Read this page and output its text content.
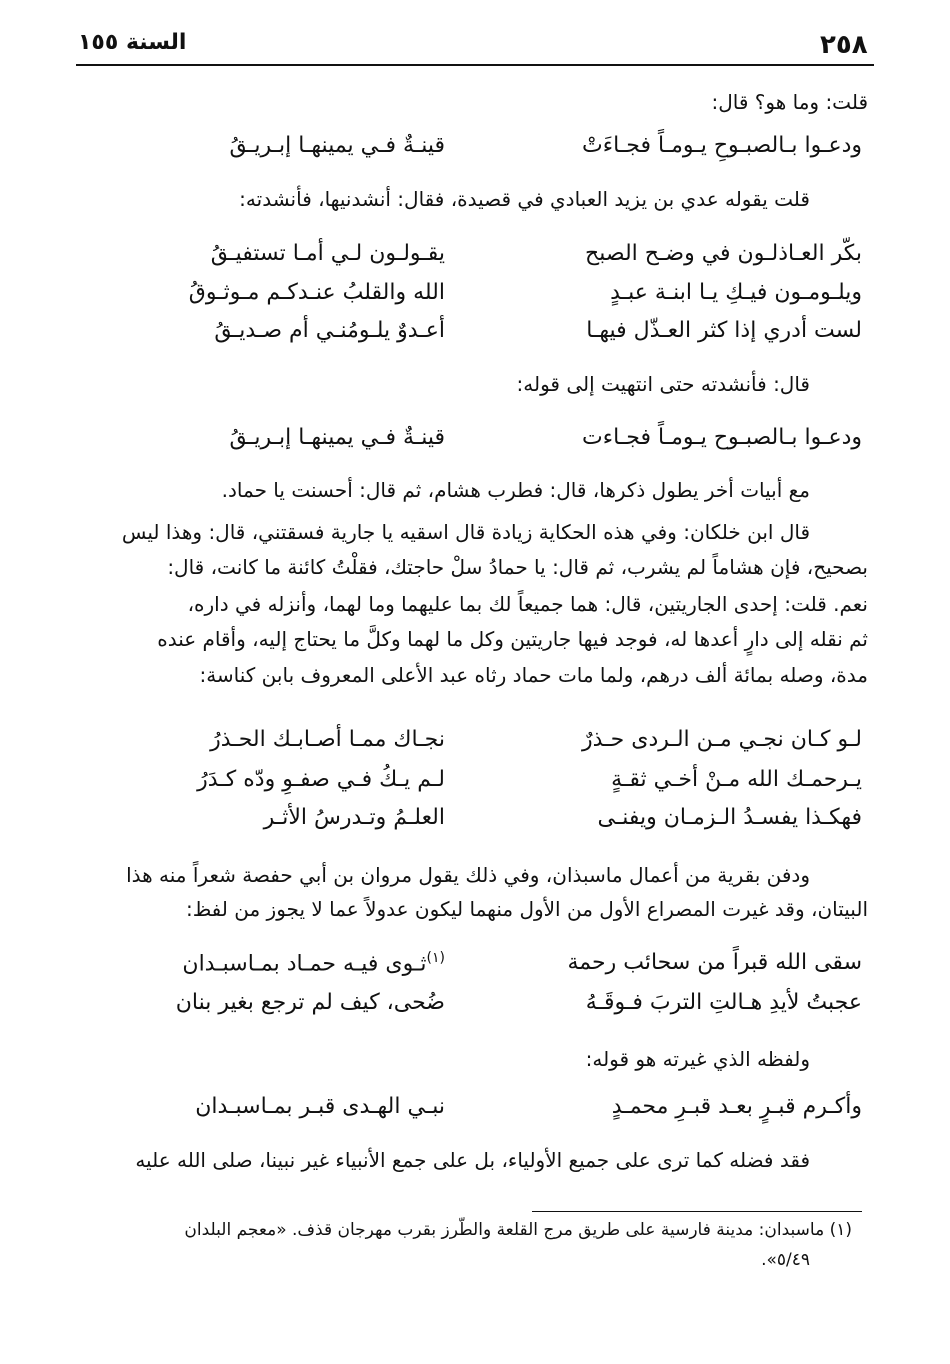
٢٥٨
السنة ١٥٥
قلت: وما هو؟ قال:
ودعـوا بـالصبـوحِ يـومـاً فجـاءَتْ
قينـةٌ فـي يمينهـا إبـريـقُ
قلت يقوله عدي بن يزيد العبادي في قصيدة، فقال: أنشدنيها، فأنشدته:
بكّر العـاذلـون في وضـح الصبح
يقـولـون لـي أمـا تستفيـقُ
ويلـومـون فيـكِ يـا ابنـة عبـدٍ
الله والقلبُ عنـدكـم مـوثـوقُ
لست أدري إذا كثر العـذّل فيهـا
أعـدوٌ يلـومُنـي أم صـديـقُ
قال: فأنشدته حتى انتهيت إلى قوله:
ودعـوا بـالصبـوح يـومـاً فجـاءت
قينـةٌ فـي يمينهـا إبـريـقُ
مع أبيات أخر يطول ذكرها، قال: فطرب هشام، ثم قال: أحسنت يا حماد.
قال ابن خلكان: وفي هذه الحكاية زيادة قال اسقيه يا جارية فسقتني، قال: وهذا ليس
بصحيح، فإن هشاماً لم يشرب، ثم قال: يا حمادُ سلْ حاجتك، فقلْتُ كائنة ما كانت، قال:
نعم. قلت: إحدى الجاريتين، قال: هما جميعاً لك بما عليهما وما لهما، وأنزله في داره،
ثم نقله إلى دارٍ أعدها له، فوجد فيها جاريتين وكل ما لهما وكلَّ ما يحتاج إليه، وأقام عنده
مدة، وصله بمائة ألف درهم، ولما مات حماد رثاه عبد الأعلى المعروف بابن كناسة:
لـو كـان نجـي مـن الـردى حـذرٌ
نجـاك ممـا أصـابـك الحـذرُ
يـرحمـك الله مـنْ أخـي ثقـةٍ
لـم يـكُ فـي صفـوِ ودّه كـدَرُ
فهكـذا يفسـدُ الـزمـان ويفنـى
العلـمُ وتـدرسُ الأثـر
ودفن بقرية من أعمال ماسبذان، وفي ذلك يقول مروان بن أبي حفصة شعراً منه هذا
البيتان، وقد غيرت المصراع الأول من الأول منهما ليكون عدولاً عما لا يجوز من لفظ:
سقى الله قبراً من سحائب رحمة
$^{(١)}$ثـوى فيـه حمـاد بمـاسبـدان
عجبتُ لأيدِ هـالتِ التربَ فـوقَـهُ
ضُحى، كيف لم ترجع بغير بنان
ولفظه الذي غيرته هو قوله:
وأكـرم قبـرٍ بعـد قبـرِ محمـدٍ
نبـي الهـدى قبـر بمـاسبـدان
فقد فضله كما ترى على جميع الأولياء، بل على جمع الأنبياء غير نبينا، صلى الله عليه
(١) ماسبدان: مدينة فارسية على طريق مرج القلعة والطّرز بقرب مهرجان قذف. «معجم البلدان
٥/٤٩».
